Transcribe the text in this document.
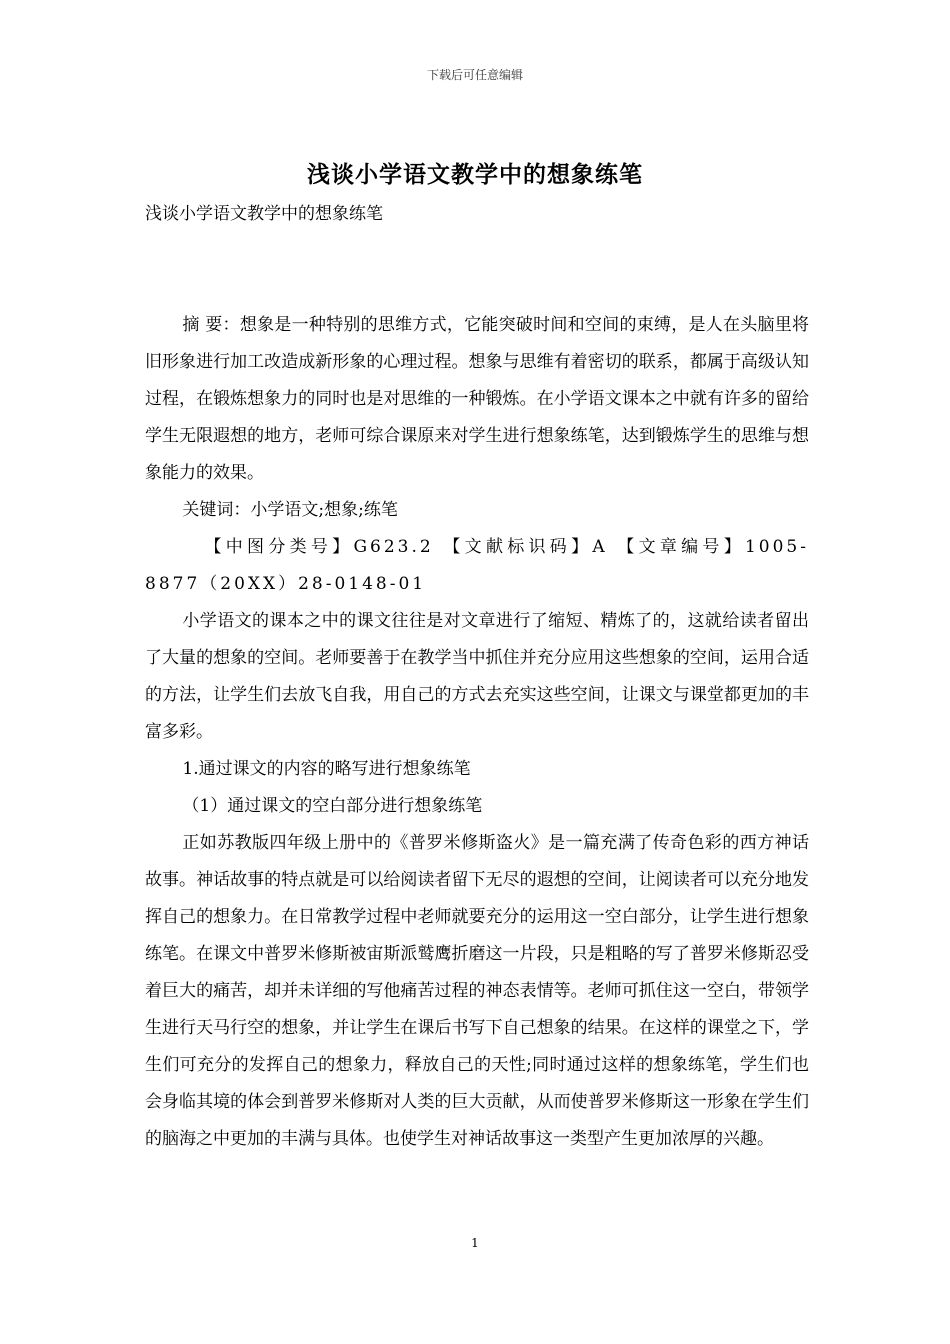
下载后可任意编辑
浅谈小学语文教学中的想象练笔

浅谈小学语文教学中的想象练笔

摘 要：想象是一种特别的思维方式，它能突破时间和空间的束缚，是人在头脑里将旧形象进行加工改造成新形象的心理过程。想象与思维有着密切的联系，都属于高级认知过程，在锻炼想象力的同时也是对思维的一种锻炼。在小学语文课本之中就有许多的留给学生无限遐想的地方，老师可综合课原来对学生进行想象练笔，达到锻炼学生的思维与想象能力的效果。

关键词：小学语文;想象;练笔

【中图分类号】G623.2 【文献标识码】A 【文章编号】1005-8877（20XX）28-0148-01

小学语文的课本之中的课文往往是对文章进行了缩短、精炼了的，这就给读者留出了大量的想象的空间。老师要善于在教学当中抓住并充分应用这些想象的空间，运用合适的方法，让学生们去放飞自我，用自己的方式去充实这些空间，让课文与课堂都更加的丰富多彩。

1.通过课文的内容的略写进行想象练笔

（1）通过课文的空白部分进行想象练笔

正如苏教版四年级上册中的《普罗米修斯盗火》是一篇充满了传奇色彩的西方神话故事。神话故事的特点就是可以给阅读者留下无尽的遐想的空间，让阅读者可以充分地发挥自己的想象力。在日常教学过程中老师就要充分的运用这一空白部分，让学生进行想象练笔。在课文中普罗米修斯被宙斯派鹫鹰折磨这一片段，只是粗略的写了普罗米修斯忍受着巨大的痛苦，却并未详细的写他痛苦过程的神态表情等。老师可抓住这一空白，带领学生进行天马行空的想象，并让学生在课后书写下自己想象的结果。在这样的课堂之下，学生们可充分的发挥自己的想象力，释放自己的天性;同时通过这样的想象练笔，学生们也会身临其境的体会到普罗米修斯对人类的巨大贡献，从而使普罗米修斯这一形象在学生们的脑海之中更加的丰满与具体。也使学生对神话故事这一类型产生更加浓厚的兴趣。

1
